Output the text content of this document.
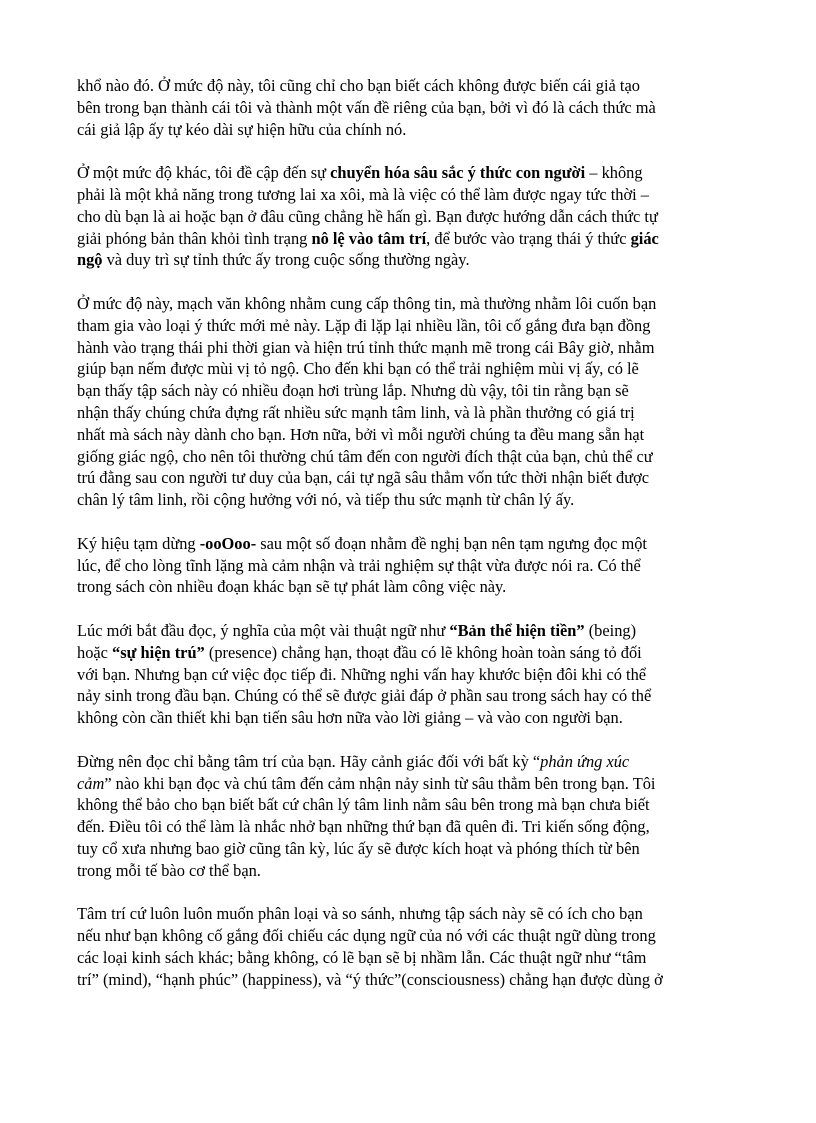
khổ nào đó. Ở mức độ này, tôi cũng chỉ cho bạn biết cách không được biến cái giả tạo
bên trong bạn thành cái tôi và thành một vấn đề riêng của bạn, bởi vì đó là cách thức mà
cái giả lập ấy tự kéo dài sự hiện hữu của chính nó.

Ở một mức độ khác, tôi đề cập đến sự chuyển hóa sâu sắc ý thức con người – không
phải là một khả năng trong tương lai xa xôi, mà là việc có thể làm được ngay tức thời –
cho dù bạn là ai hoặc bạn ở đâu cũng chẳng hề hấn gì. Bạn được hướng dẫn cách thức tự
giải phóng bản thân khỏi tình trạng nô lệ vào tâm trí, để bước vào trạng thái ý thức giác
ngộ và duy trì sự tỉnh thức ấy trong cuộc sống thường ngày.

Ở mức độ này, mạch văn không nhằm cung cấp thông tin, mà thường nhằm lôi cuốn bạn
tham gia vào loại ý thức mới mẻ này. Lặp đi lặp lại nhiều lần, tôi cố gắng đưa bạn đồng
hành vào trạng thái phi thời gian và hiện trú tỉnh thức mạnh mẽ trong cái Bây giờ, nhằm
giúp bạn nếm được mùi vị tỏ ngộ. Cho đến khi bạn có thể trải nghiệm mùi vị ấy, có lẽ
bạn thấy tập sách này có nhiều đoạn hơi trùng lắp. Nhưng dù vậy, tôi tin rằng bạn sẽ
nhận thấy chúng chứa đựng rất nhiều sức mạnh tâm linh, và là phần thưởng có giá trị
nhất mà sách này dành cho bạn. Hơn nữa, bởi vì mỗi người chúng ta đều mang sẵn hạt
giống giác ngộ, cho nên tôi thường chú tâm đến con người đích thật của bạn, chủ thể cư
trú đằng sau con người tư duy của bạn, cái tự ngã sâu thẳm vốn tức thời nhận biết được
chân lý tâm linh, rồi cộng hưởng với nó, và tiếp thu sức mạnh từ chân lý ấy.

Ký hiệu tạm dừng -ooOoo- sau một số đoạn nhằm đề nghị bạn nên tạm ngưng đọc một
lúc, để cho lòng tĩnh lặng mà cảm nhận và trải nghiệm sự thật vừa được nói ra. Có thể
trong sách còn nhiều đoạn khác bạn sẽ tự phát làm công việc này.

Lúc mới bắt đầu đọc, ý nghĩa của một vài thuật ngữ như “Bản thể hiện tiền” (being)
hoặc “sự hiện trú” (presence) chẳng hạn, thoạt đầu có lẽ không hoàn toàn sáng tỏ đối
với bạn. Nhưng bạn cứ việc đọc tiếp đi. Những nghi vấn hay khước biện đôi khi có thể
nảy sinh trong đầu bạn. Chúng có thể sẽ được giải đáp ở phần sau trong sách hay có thể
không còn cần thiết khi bạn tiến sâu hơn nữa vào lời giảng – và vào con người bạn.

Đừng nên đọc chỉ bằng tâm trí của bạn. Hãy cảnh giác đối với bất kỳ “phản ứng xúc
cảm” nào khi bạn đọc và chú tâm đến cảm nhận nảy sinh từ sâu thẳm bên trong bạn. Tôi
không thể bảo cho bạn biết bất cứ chân lý tâm linh nằm sâu bên trong mà bạn chưa biết
đến. Điều tôi có thể làm là nhắc nhở bạn những thứ bạn đã quên đi. Tri kiến sống động,
tuy cổ xưa nhưng bao giờ cũng tân kỳ, lúc ấy sẽ được kích hoạt và phóng thích từ bên
trong mỗi tế bào cơ thể bạn.

Tâm trí cứ luôn luôn muốn phân loại và so sánh, nhưng tập sách này sẽ có ích cho bạn
nếu như bạn không cố gắng đối chiếu các dụng ngữ của nó với các thuật ngữ dùng trong
các loại kinh sách khác; bằng không, có lẽ bạn sẽ bị nhầm lẫn. Các thuật ngữ như “tâm
trí” (mind), “hạnh phúc” (happiness), và “ý thức”(consciousness) chẳng hạn được dùng ở
